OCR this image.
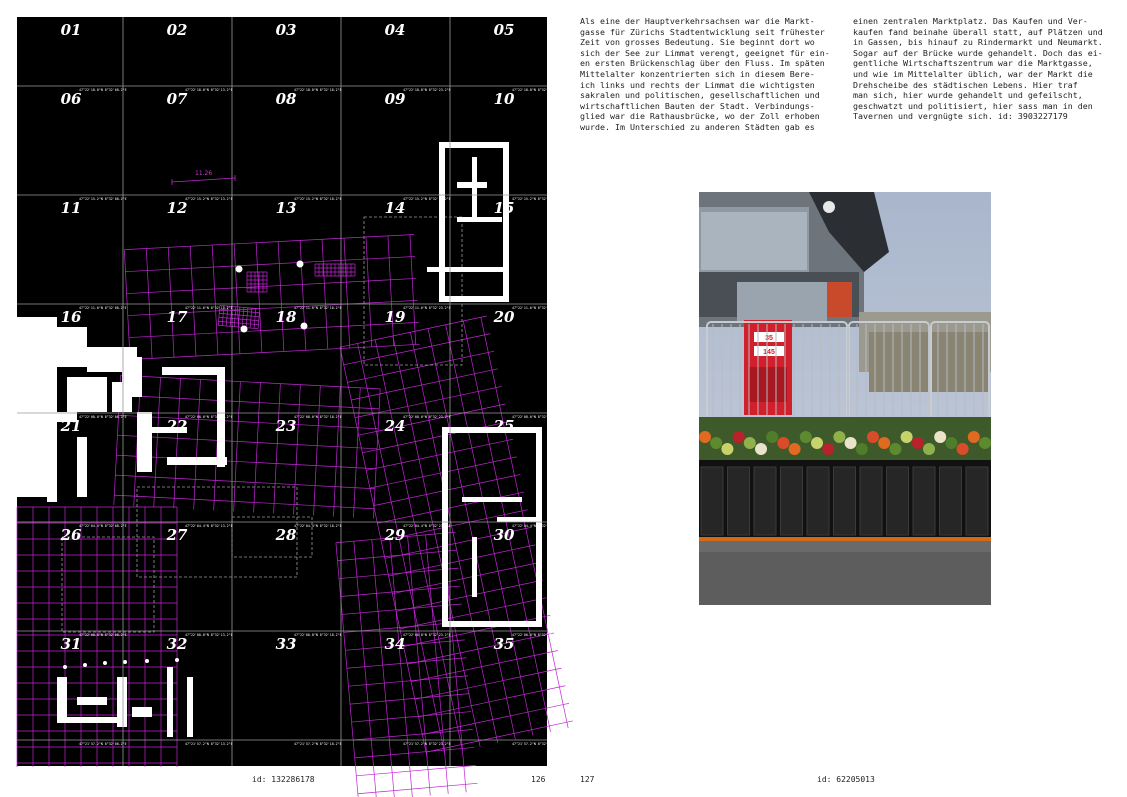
11.26
01	02	03	04	05
06	07	08	09	10
11	12	13	14	15
16	17	18	19	20
21	22	23	24	25
26	27	28	29	30
31	32	33	34	35
47°22'18.8"N 8°32'08.2"E	47°22'18.8"N 8°32'13.2"E	47°22'18.8"N 8°32'18.2"E	47°22'18.8"N 8°32'23.2"E	47°22'18.8"N 8°32'28.2"E
47°22'15.2"N 8°32'08.2"E	47°22'15.2"N 8°32'13.2"E	47°22'15.2"N 8°32'18.2"E	47°22'15.2"N 8°32'23.2"E	47°22'15.2"N 8°32'28.2"E
47°22'11.6"N 8°32'08.2"E	47°22'11.6"N 8°32'13.2"E	47°22'11.6"N 8°32'18.2"E	47°22'11.6"N 8°32'23.2"E	47°22'11.6"N 8°32'28.2"E
47°22'08.0"N 8°32'08.2"E	47°22'08.0"N 8°32'13.2"E	47°22'08.0"N 8°32'18.2"E	47°22'08.0"N 8°32'23.2"E	47°22'08.0"N 8°32'28.2"E
47°22'04.4"N 8°32'08.2"E	47°22'04.4"N 8°32'13.2"E	47°22'04.4"N 8°32'18.2"E	47°22'04.4"N 8°32'23.2"E	47°22'04.4"N 8°32'28.2"E
47°22'00.8"N 8°32'08.2"E	47°22'00.8"N 8°32'13.2"E	47°22'00.8"N 8°32'18.2"E	47°22'00.8"N 8°32'23.2"E	47°22'00.8"N 8°32'28.2"E
47°21'57.2"N 8°32'08.2"E	47°21'57.2"N 8°32'13.2"E	47°21'57.2"N 8°32'18.2"E	47°21'57.2"N 8°32'23.2"E	47°21'57.2"N 8°32'28.2"E
Als eine der Hauptverkehrsachsen war die Markt-
gasse für Zürichs Stadtentwicklung seit frühester
Zeit von grosses Bedeutung. Sie beginnt dort wo
sich der See zur Limmat verengt, geeignet für ein-
en ersten Brückenschlag über den Fluss. Im späten
Mittelalter konzentrierten sich in diesem Bere-
ich links und rechts der Limmat die wichtigsten
sakralen und politischen, gesellschaftlichen und
wirtschaftlichen Bauten der Stadt. Verbindungs-
glied war die Rathausbrücke, wo der Zoll erhoben
wurde. Im Unterschied zu anderen Städten gab es
einen zentralen Marktplatz. Das Kaufen und Ver-
kaufen fand beinahe überall statt, auf Plätzen und
in Gassen, bis hinauf zu Rindermarkt und Neumarkt.
Sogar auf der Brücke wurde gehandelt. Doch das ei-
gentliche Wirtschaftszentrum war die Marktgasse,
und wie im Mittelalter üblich, war der Markt die
Drehscheibe des städtischen Lebens. Hier traf
man sich, hier wurde gehandelt und gefeilscht,
geschwatzt und politisiert, hier sass man in den
Tavernen und vergnügte sich. id: 3903227179
35
145
id: 132286178	126	127	id: 62205013
